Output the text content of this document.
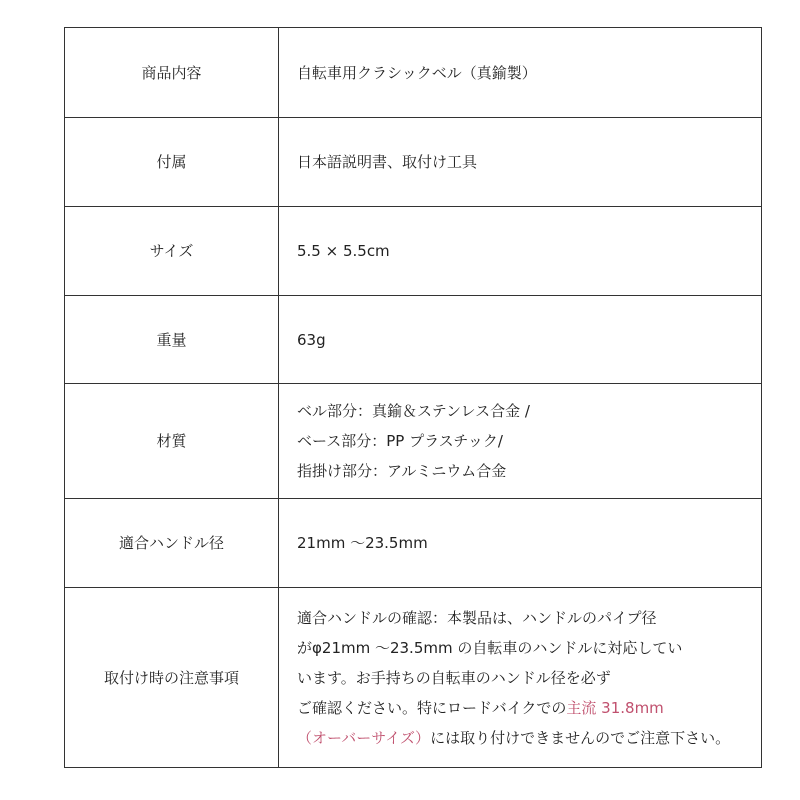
商品内容	自転車用クラシックベル（真鍮製）
付属	日本語説明書、取付け工具
サイズ	5.5 × 5.5cm
重量	63g
材質	ベル部分：真鍮＆ステンレス合金 /
ベース部分：PP プラスチック/
指掛け部分：アルミニウム合金

適合ハンドル径	21mm ～23.5mm
取付け時の注意事項	適合ハンドルの確認：本製品は、ハンドルのパイプ径
がφ21mm ～23.5mm の自転車のハンドルに対応してい
います。お手持ちの自転車のハンドル径を必ず
ご確認ください。特にロードバイクでの主流 31.8mm
（オーバーサイズ）には取り付けできませんのでご注意下さい。
